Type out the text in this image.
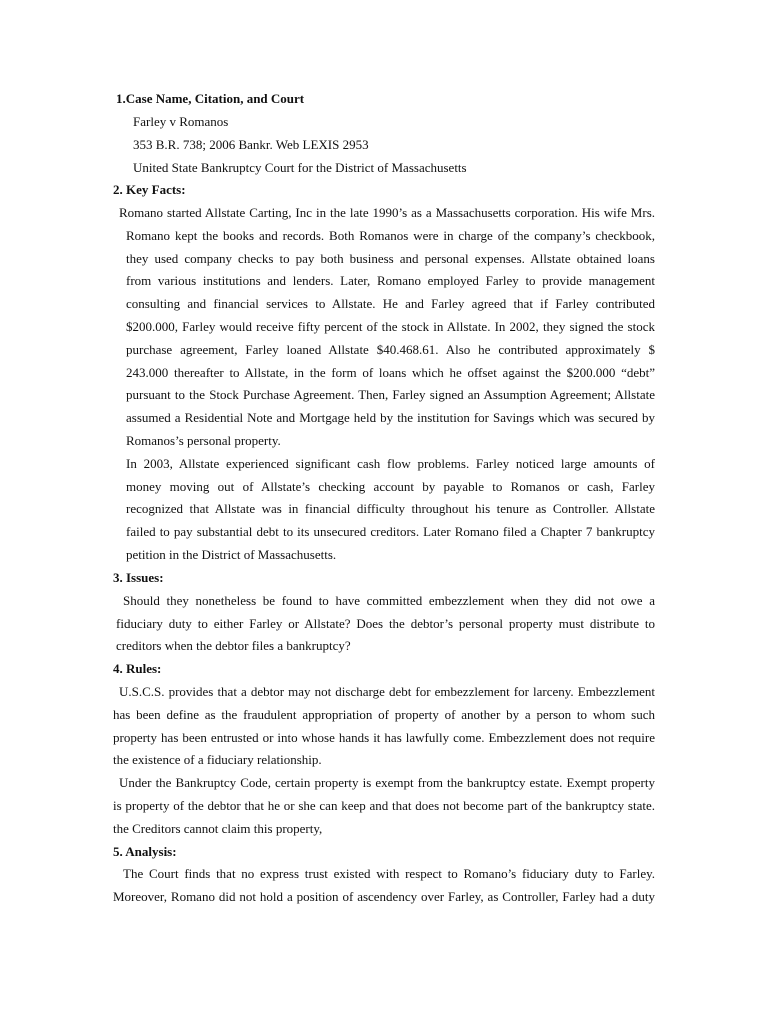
1.Case Name, Citation, and Court
Farley v Romanos
353 B.R. 738; 2006 Bankr. Web LEXIS 2953
United State Bankruptcy Court for the District of Massachusetts
2. Key Facts:
Romano started Allstate Carting, Inc in the late 1990’s as a Massachusetts corporation. His wife Mrs.
Romano kept the books and records. Both Romanos were in charge of the company’s checkbook,
they used company checks to pay both business and personal expenses. Allstate obtained loans
from various institutions and lenders. Later, Romano employed Farley to provide management
consulting and financial services to Allstate. He and Farley agreed that if Farley contributed
$200.000, Farley would receive fifty percent of the stock in Allstate. In 2002, they signed the stock
purchase agreement, Farley loaned Allstate $40.468.61. Also he contributed approximately $
243.000 thereafter to Allstate, in the form of loans which he offset against the $200.000 “debt”
pursuant to the Stock Purchase Agreement. Then, Farley signed an Assumption Agreement; Allstate
assumed a Residential Note and Mortgage held by the institution for Savings which was secured by
Romanos’s personal property.
In 2003, Allstate experienced significant cash flow problems. Farley noticed large amounts of
money moving out of Allstate’s checking account by payable to Romanos or cash, Farley
recognized that Allstate was in financial difficulty throughout his tenure as Controller. Allstate
failed to pay substantial debt to its unsecured creditors. Later Romano filed a Chapter 7 bankruptcy
petition in the District of Massachusetts.
3. Issues:
Should they nonetheless be found to have committed embezzlement when they did not owe a
fiduciary duty to either Farley or Allstate? Does the debtor’s personal property must distribute to
creditors when the debtor files a bankruptcy?
4. Rules:
U.S.C.S. provides that a debtor may not discharge debt for embezzlement for larceny. Embezzlement
has been define as the fraudulent appropriation of property of another by a person to whom such
property has been entrusted or into whose hands it has lawfully come. Embezzlement does not require
the existence of a fiduciary relationship.
Under the Bankruptcy Code, certain property is exempt from the bankruptcy estate. Exempt property
is property of the debtor that he or she can keep and that does not become part of the bankruptcy state.
the Creditors cannot claim this property,
5. Analysis:
The Court finds that no express trust existed with respect to Romano’s fiduciary duty to Farley.
Moreover, Romano did not hold a position of ascendency over Farley, as Controller, Farley had a duty
